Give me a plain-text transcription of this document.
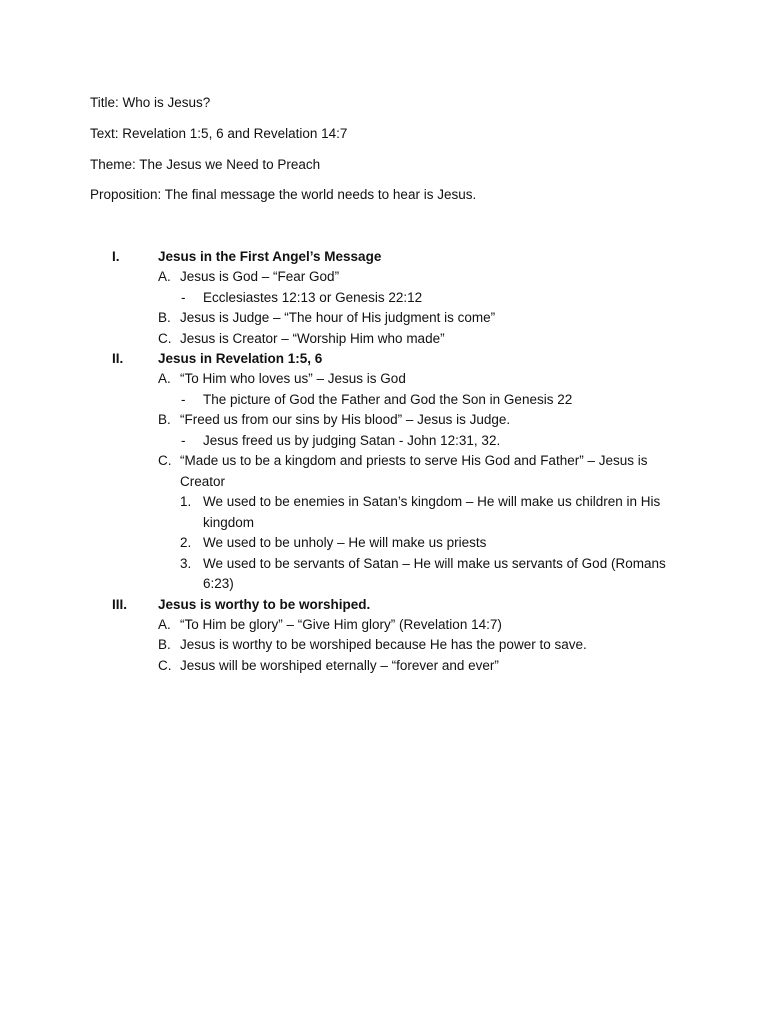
Title: Who is Jesus?
Text: Revelation 1:5, 6 and Revelation 14:7
Theme: The Jesus we Need to Preach
Proposition: The final message the world needs to hear is Jesus.
I.	Jesus in the First Angel’s Message
A. Jesus is God – “Fear God”
- Ecclesiastes 12:13 or Genesis 22:12
B. Jesus is Judge – “The hour of His judgment is come”
C. Jesus is Creator – “Worship Him who made”
II.	Jesus in Revelation 1:5, 6
A. “To Him who loves us” – Jesus is God
- The picture of God the Father and God the Son in Genesis 22
B. “Freed us from our sins by His blood” – Jesus is Judge.
- Jesus freed us by judging Satan - John 12:31, 32.
C. “Made us to be a kingdom and priests to serve His God and Father” – Jesus is
Creator
1. We used to be enemies in Satan’s kingdom – He will make us children in His
kingdom
2. We used to be unholy – He will make us priests
3. We used to be servants of Satan – He will make us servants of God (Romans
6:23)
III. Jesus is worthy to be worshiped.
A. “To Him be glory” – “Give Him glory” (Revelation 14:7)
B. Jesus is worthy to be worshiped because He has the power to save.
C. Jesus will be worshiped eternally – “forever and ever”
